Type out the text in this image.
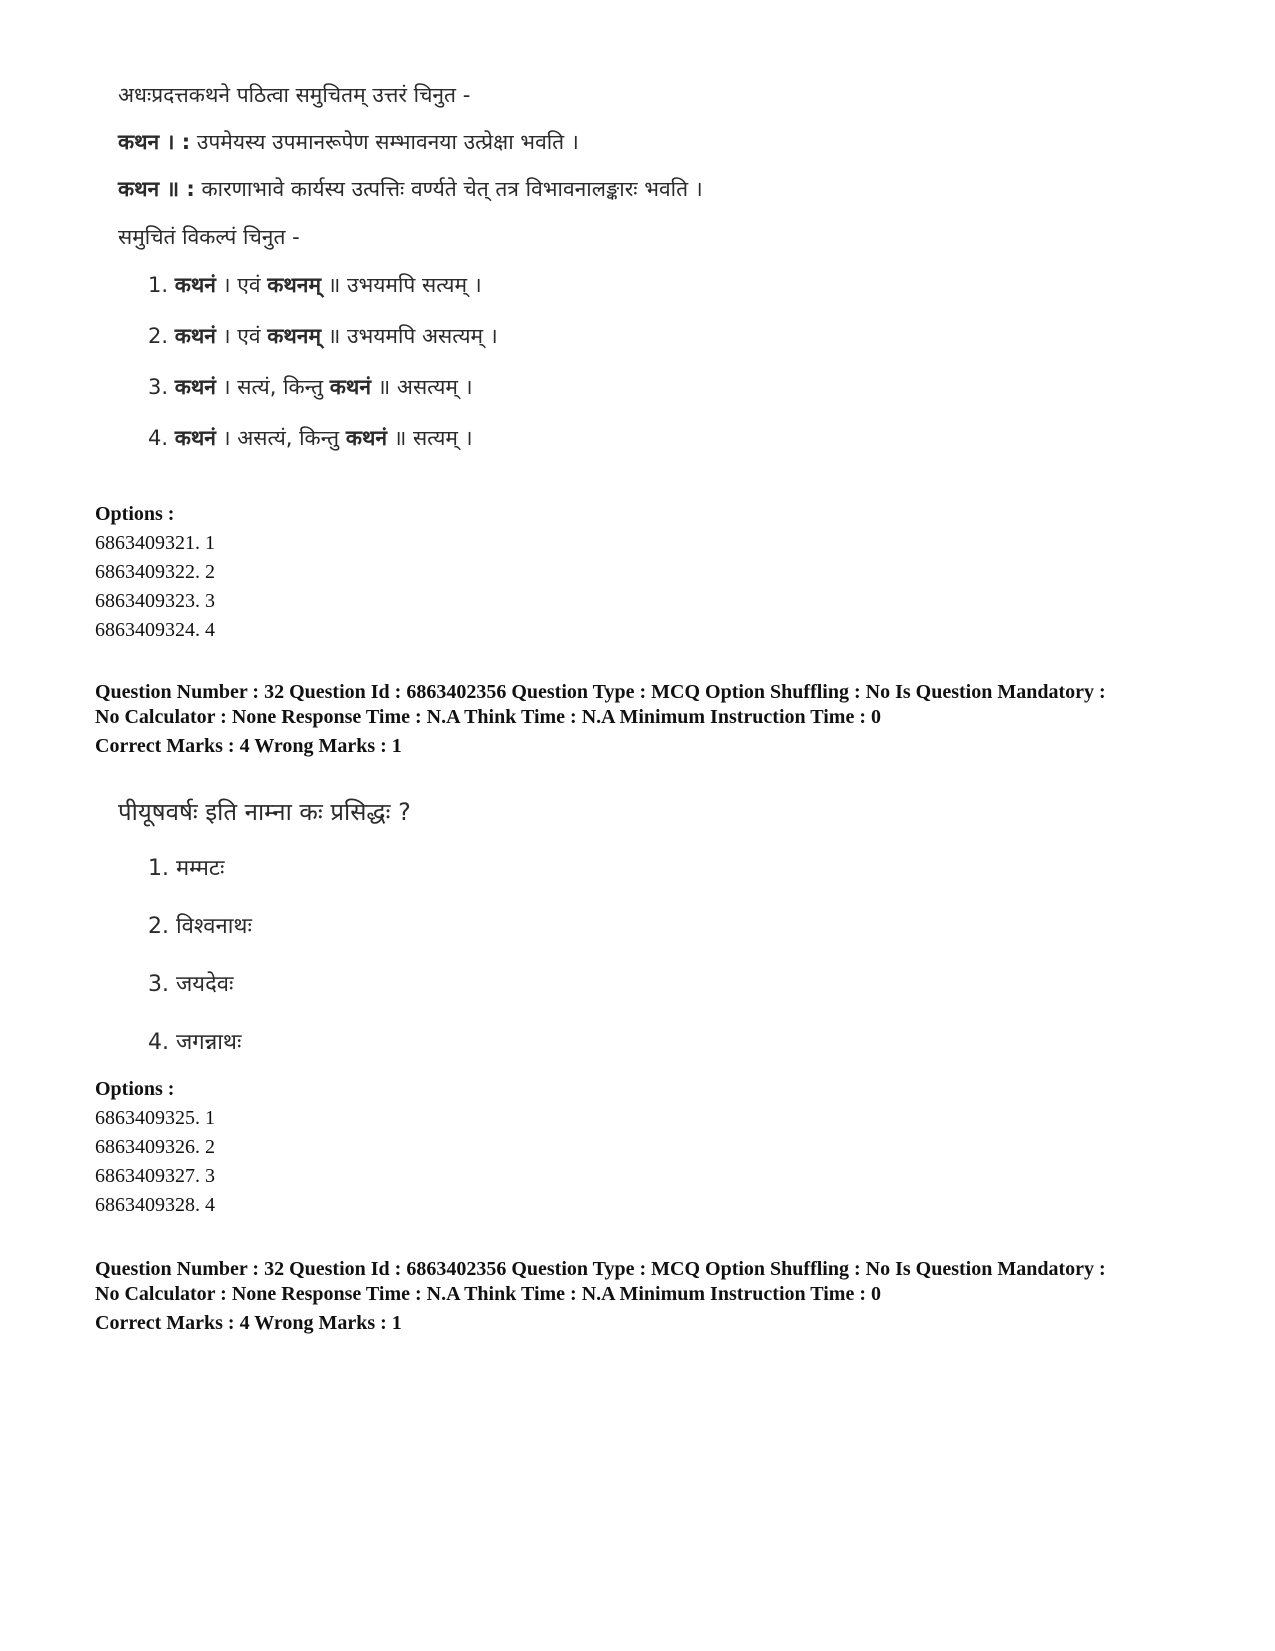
अधःप्रदत्तकथने पठित्वा समुचितम् उत्तरं चिनुत -
कथन । : उपमेयस्य उपमानरूपेण सम्भावनया उत्प्रेक्षा भवति ।
कथन ॥ : कारणाभावे कार्यस्य उत्पत्तिः वर्ण्यते चेत् तत्र विभावनालङ्कारः भवति ।
समुचितं विकल्पं चिनुत -
1. कथनं । एवं कथनम् ॥ उभयमपि सत्यम् ।
2. कथनं । एवं कथनम् ॥ उभयमपि असत्यम् ।
3. कथनं । सत्यं, किन्तु कथनं ॥ असत्यम् ।
4. कथनं । असत्यं, किन्तु कथनं ॥ सत्यम् ।
Options :
6863409321. 1
6863409322. 2
6863409323. 3
6863409324. 4
Question Number : 32 Question Id : 6863402356 Question Type : MCQ Option Shuffling : No Is Question Mandatory :
No Calculator : None Response Time : N.A Think Time : N.A Minimum Instruction Time : 0
Correct Marks : 4 Wrong Marks : 1
पीयूषवर्षः इति नाम्ना कः प्रसिद्धः ?
1. मम्मटः
2. विश्वनाथः
3. जयदेवः
4. जगन्नाथः
Options :
6863409325. 1
6863409326. 2
6863409327. 3
6863409328. 4
Question Number : 32 Question Id : 6863402356 Question Type : MCQ Option Shuffling : No Is Question Mandatory :
No Calculator : None Response Time : N.A Think Time : N.A Minimum Instruction Time : 0
Correct Marks : 4 Wrong Marks : 1
